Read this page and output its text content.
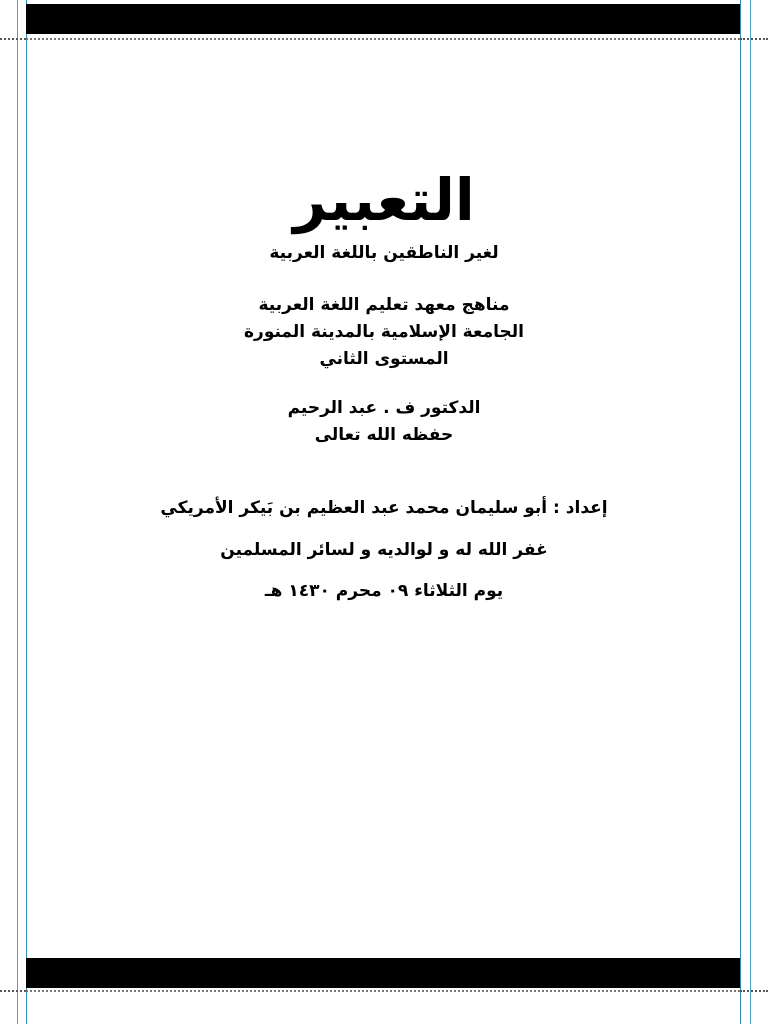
التعبير
لغير الناطقين باللغة العربية
مناهج معهد تعليم اللغة العربية
الجامعة الإسلامية بالمدينة المنورة
المستوى الثاني
الدكتور ف . عبد الرحيم
حفظه الله تعالى
إعداد : أبو سليمان محمد عبد العظيم بن بَيكر الأمريكي
غفر الله له و لوالديه و لسائر المسلمين
يوم الثلاثاء ٠٩ محرم ١٤٣٠ هـ
